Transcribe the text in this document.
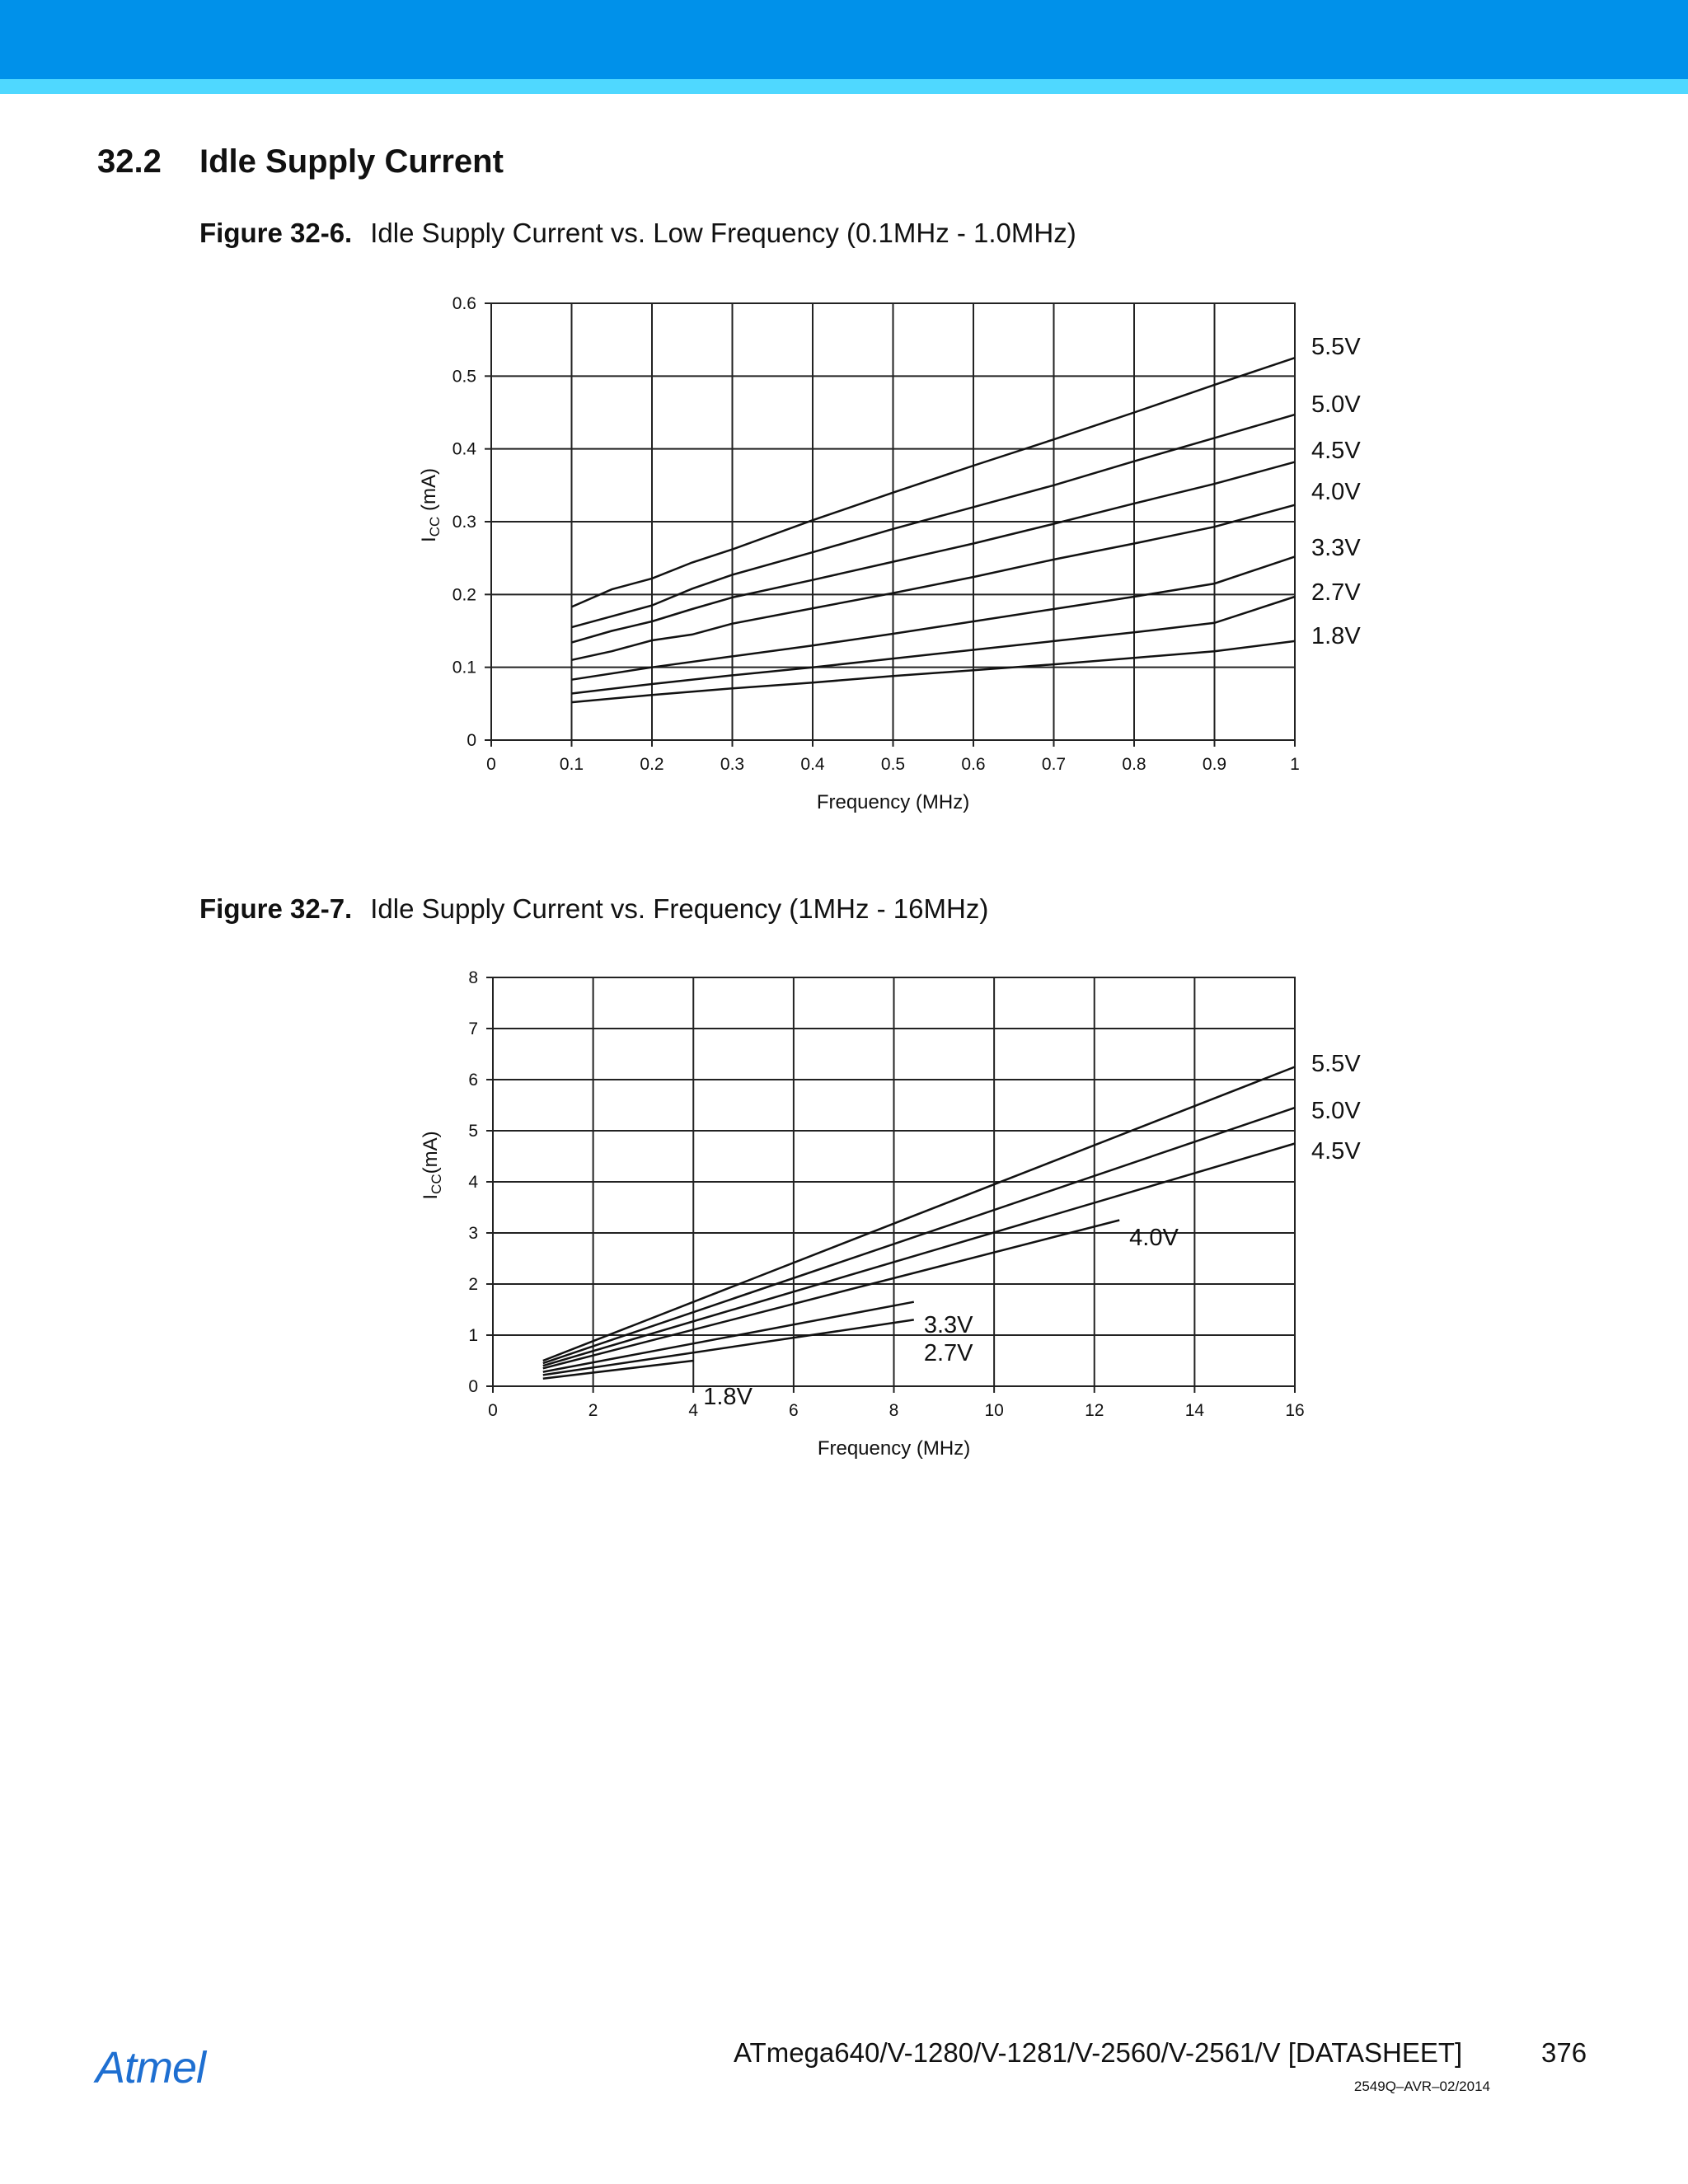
32.2 Idle Supply Current
Figure 32-6. Idle Supply Current vs. Low Frequency (0.1MHz - 1.0MHz)
0	0.1	0.2	0.3	0.4	0.5	0.6	0.7	0.8	0.9	1
0
0.1
0.2
0.3
0.4
0.5
0.6
Frequency (MHz)
$I_{CC}$ (mA)
5.5V
5.0V
4.5V
4.0V
3.3V
2.7V
1.8V
Figure 32-7. Idle Supply Current vs. Frequency (1MHz - 16MHz)
0	2	4	6	8	10	12	14	16
0
1
2
3
4
5
6
7
8
Frequency (MHz)
$I_{CC}(mA)$
5.5V
5.0V
4.5V
4.0V
3.3V
2.7V
1.8V
Atmel	ATmega640/V-1280/V-1281/V-2560/V-2561/V [DATASHEET]	376
2549Q–AVR–02/2014
